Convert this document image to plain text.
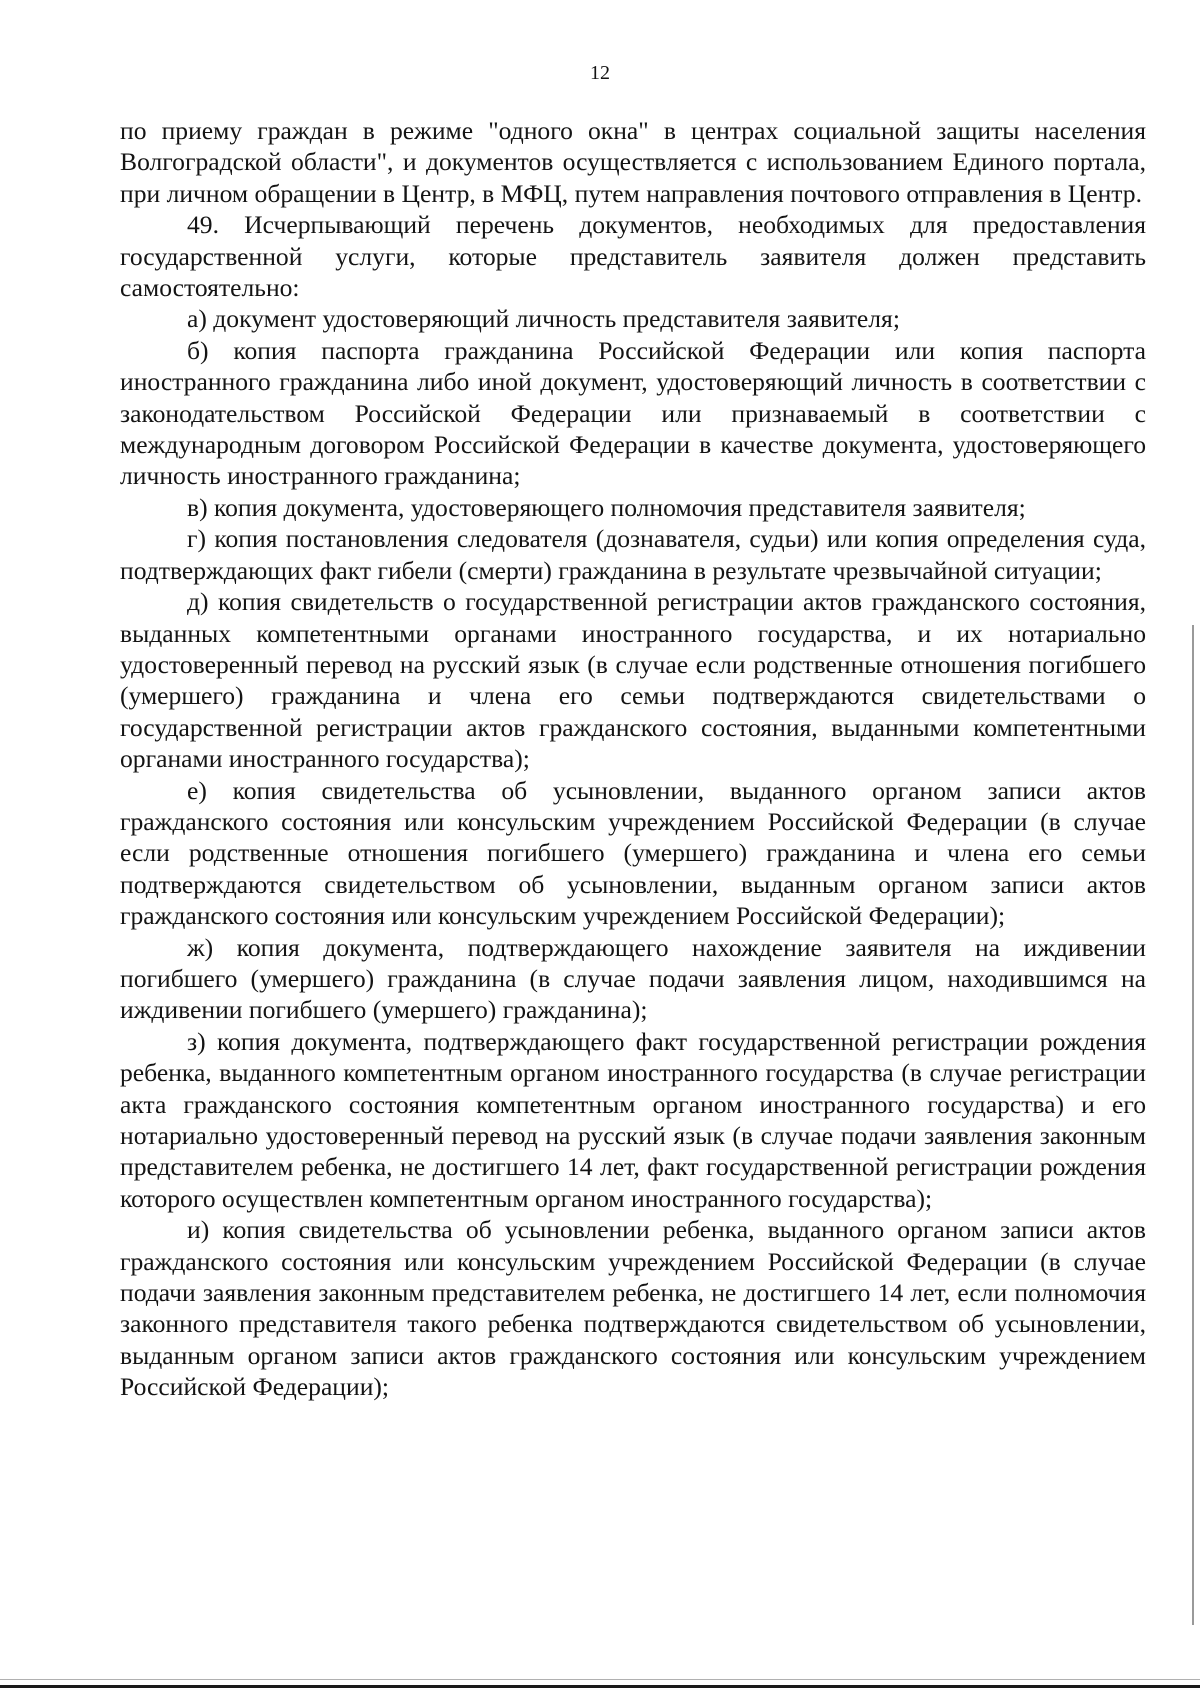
12

по приему граждан в режиме "одного окна" в центрах социальной защиты населения Волгоградской области", и документов осуществляется с использованием Единого портала, при личном обращении в Центр, в МФЦ, путем направления почтового отправления в Центр.

49. Исчерпывающий перечень документов, необходимых для предоставления государственной услуги, которые представитель заявителя должен представить самостоятельно:

а) документ удостоверяющий личность представителя заявителя;

б) копия паспорта гражданина Российской Федерации или копия паспорта иностранного гражданина либо иной документ, удостоверяющий личность в соответствии с законодательством Российской Федерации или признаваемый в соответствии с международным договором Российской Федерации в качестве документа, удостоверяющего личность иностранного гражданина;

в) копия документа, удостоверяющего полномочия представителя заявителя;

г) копия постановления следователя (дознавателя, судьи) или копия определения суда, подтверждающих факт гибели (смерти) гражданина в результате чрезвычайной ситуации;

д) копия свидетельств о государственной регистрации актов гражданского состояния, выданных компетентными органами иностранного государства, и их нотариально удостоверенный перевод на русский язык (в случае если родственные отношения погибшего (умершего) гражданина и члена его семьи подтверждаются свидетельствами о государственной регистрации актов гражданского состояния, выданными компетентными органами иностранного государства);

е) копия свидетельства об усыновлении, выданного органом записи актов гражданского состояния или консульским учреждением Российской Федерации (в случае если родственные отношения погибшего (умершего) гражданина и члена его семьи подтверждаются свидетельством об усыновлении, выданным органом записи актов гражданского состояния или консульским учреждением Российской Федерации);

ж) копия документа, подтверждающего нахождение заявителя на иждивении погибшего (умершего) гражданина (в случае подачи заявления лицом, находившимся на иждивении погибшего (умершего) гражданина);

з) копия документа, подтверждающего факт государственной регистрации рождения ребенка, выданного компетентным органом иностранного государства (в случае регистрации акта гражданского состояния компетентным органом иностранного государства) и его нотариально удостоверенный перевод на русский язык (в случае подачи заявления законным представителем ребенка, не достигшего 14 лет, факт государственной регистрации рождения которого осуществлен компетентным органом иностранного государства);

и) копия свидетельства об усыновлении ребенка, выданного органом записи актов гражданского состояния или консульским учреждением Российской Федерации (в случае подачи заявления законным представителем ребенка, не достигшего 14 лет, если полномочия законного представителя такого ребенка подтверждаются свидетельством об усыновлении, выданным органом записи актов гражданского состояния или консульским учреждением Российской Федерации);
